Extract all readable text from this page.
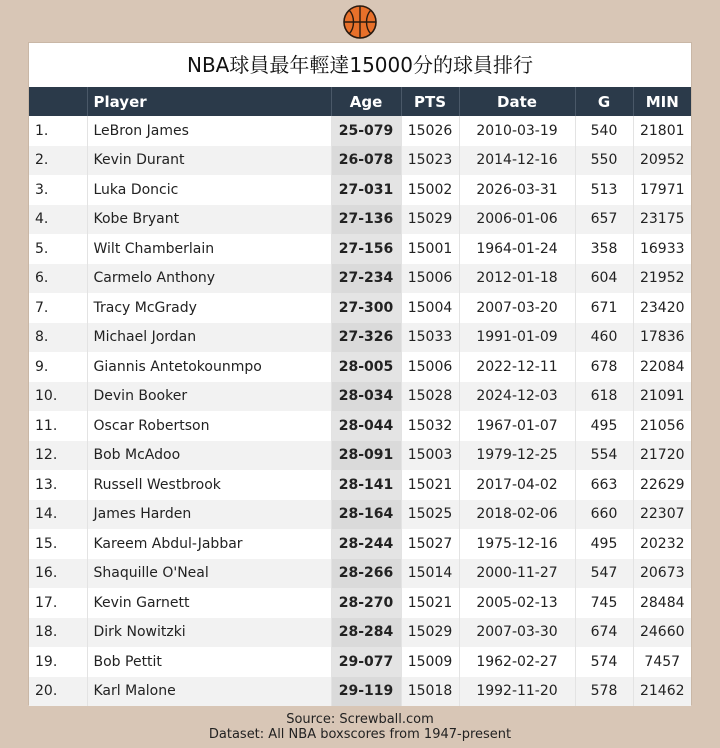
NBA球員最年輕達15000分的球員排行
	Player	Age	PTS	Date	G	MIN
1.	LeBron James	25-079	15026	2010-03-19	540	21801
2.	Kevin Durant	26-078	15023	2014-12-16	550	20952
3.	Luka Doncic	27-031	15002	2026-03-31	513	17971
4.	Kobe Bryant	27-136	15029	2006-01-06	657	23175
5.	Wilt Chamberlain	27-156	15001	1964-01-24	358	16933
6.	Carmelo Anthony	27-234	15006	2012-01-18	604	21952
7.	Tracy McGrady	27-300	15004	2007-03-20	671	23420
8.	Michael Jordan	27-326	15033	1991-01-09	460	17836
9.	Giannis Antetokounmpo	28-005	15006	2022-12-11	678	22084
10.	Devin Booker	28-034	15028	2024-12-03	618	21091
11.	Oscar Robertson	28-044	15032	1967-01-07	495	21056
12.	Bob McAdoo	28-091	15003	1979-12-25	554	21720
13.	Russell Westbrook	28-141	15021	2017-04-02	663	22629
14.	James Harden	28-164	15025	2018-02-06	660	22307
15.	Kareem Abdul-Jabbar	28-244	15027	1975-12-16	495	20232
16.	Shaquille O'Neal	28-266	15014	2000-11-27	547	20673
17.	Kevin Garnett	28-270	15021	2005-02-13	745	28484
18.	Dirk Nowitzki	28-284	15029	2007-03-30	674	24660
19.	Bob Pettit	29-077	15009	1962-02-27	574	7457
20.	Karl Malone	29-119	15018	1992-11-20	578	21462
Source: Screwball.com
Dataset: All NBA boxscores from 1947-present
